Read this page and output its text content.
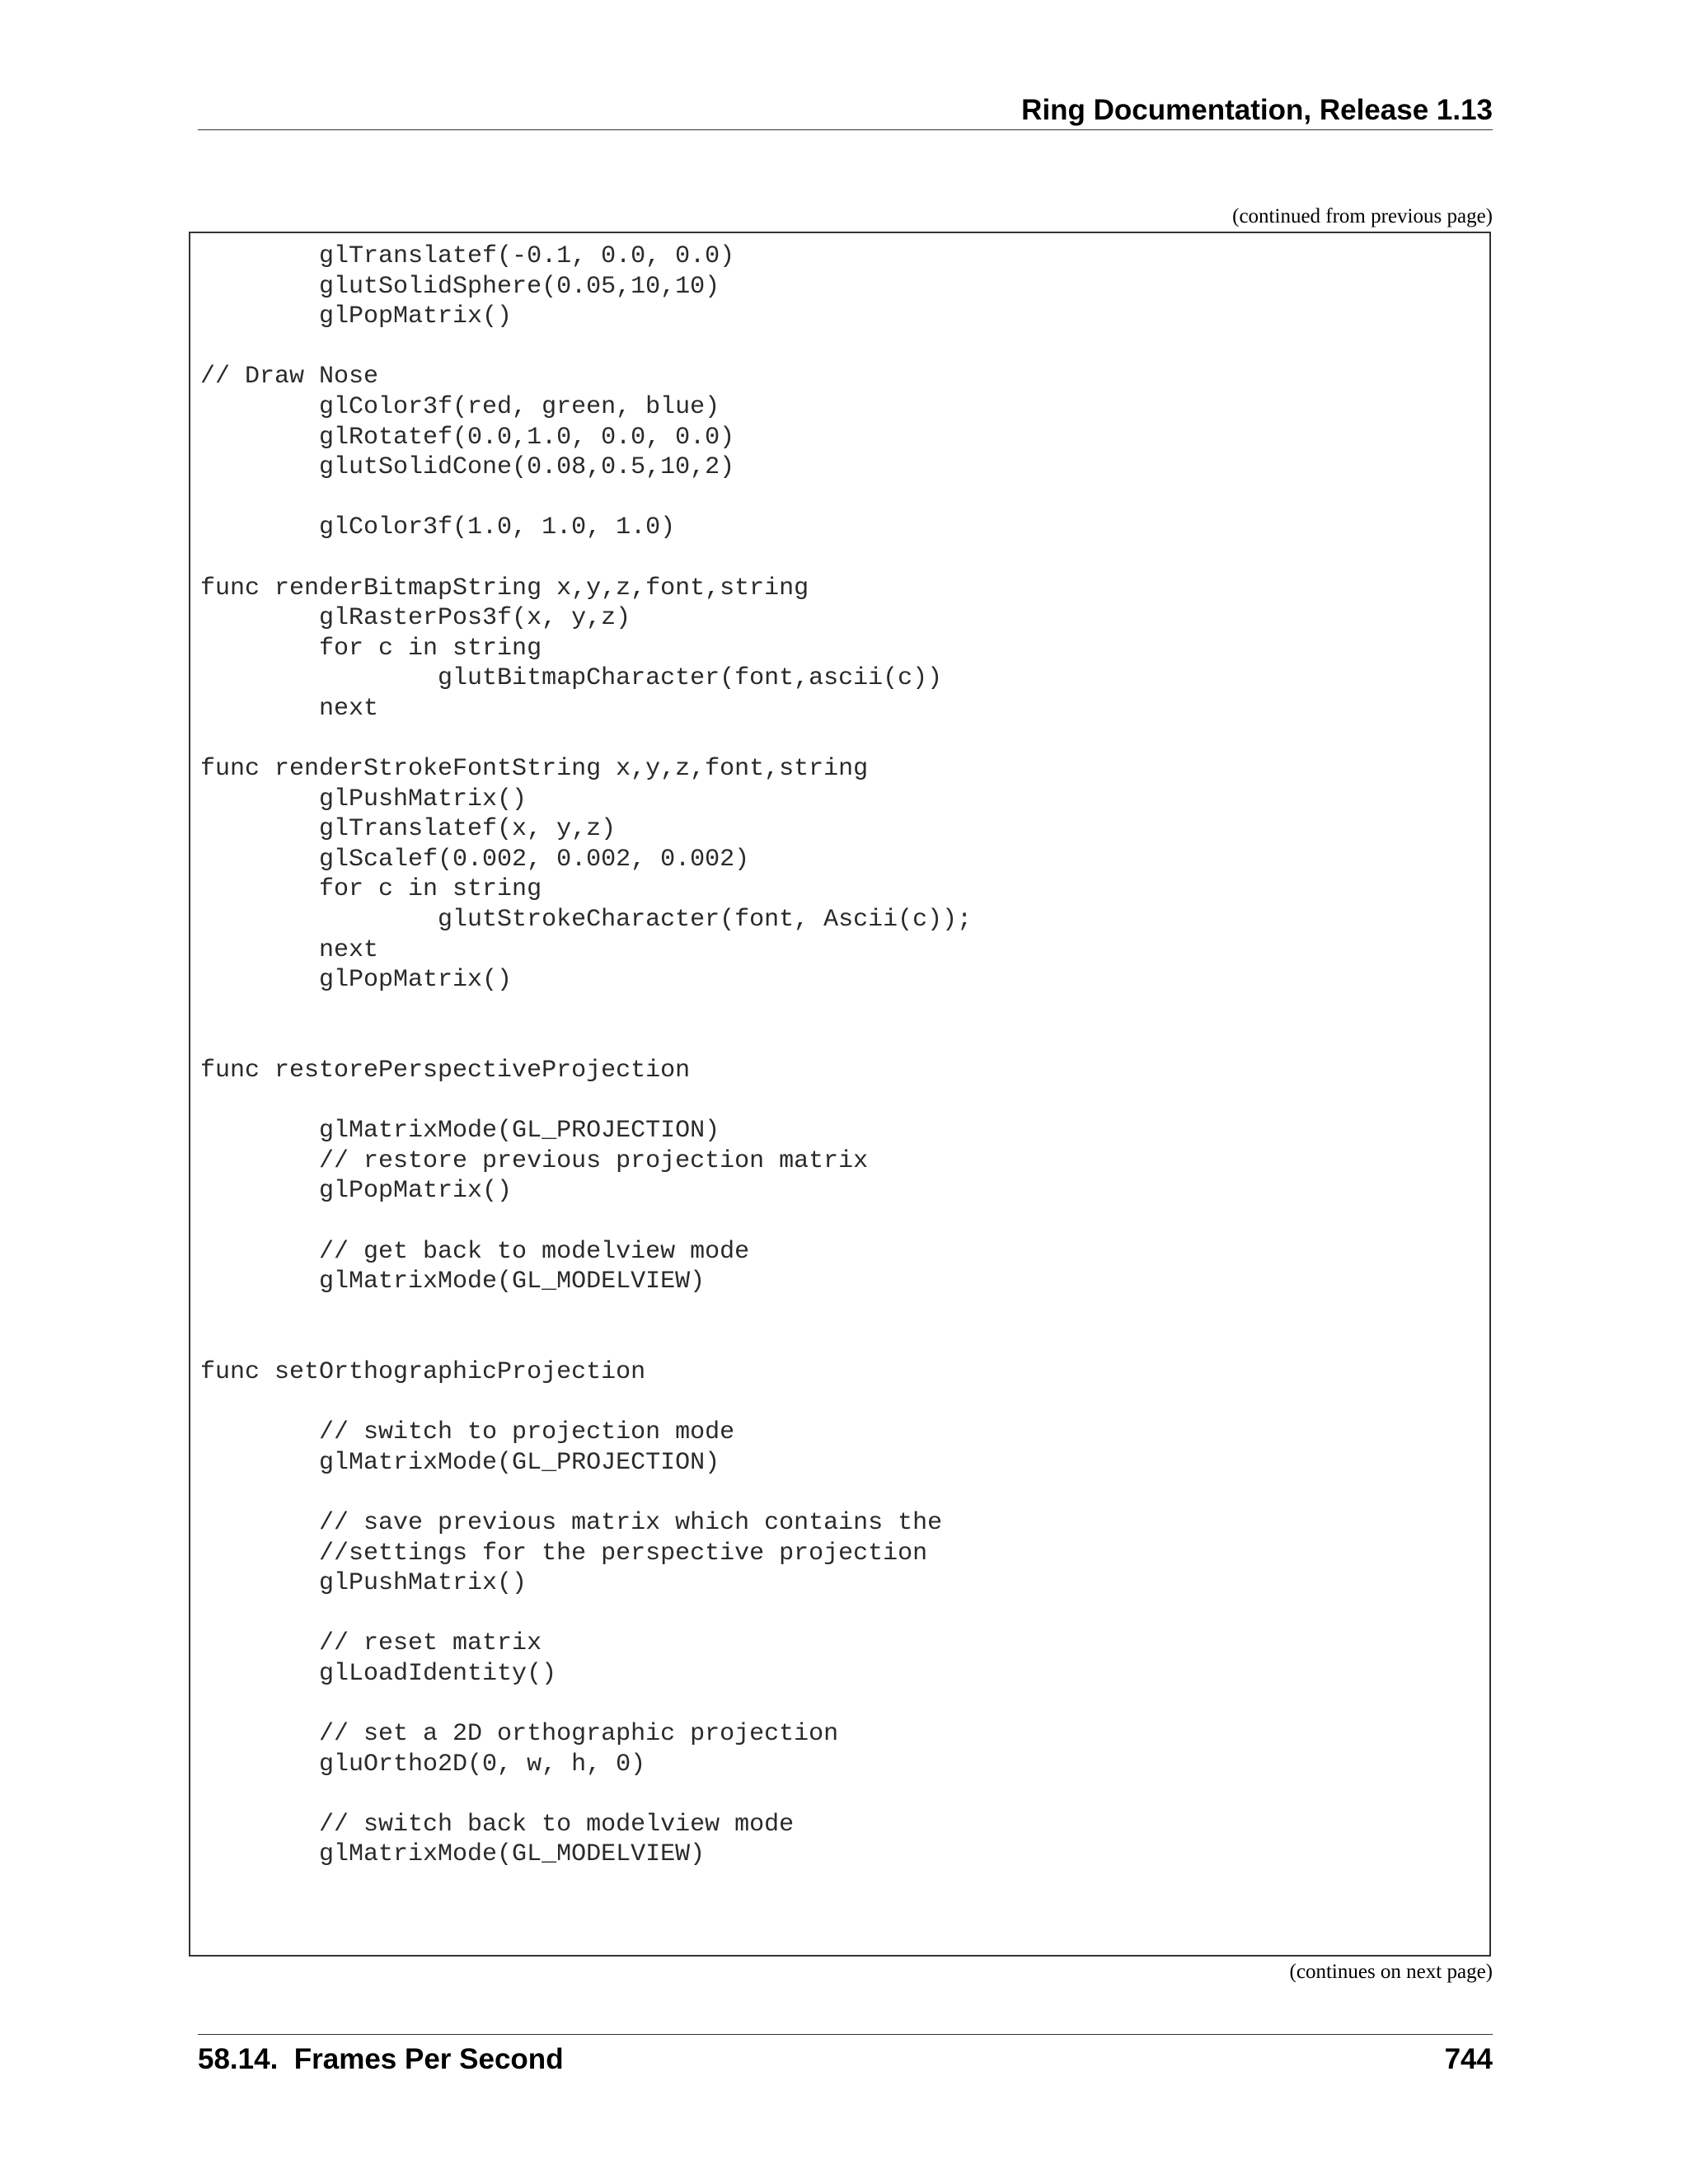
Ring Documentation, Release 1.13
(continued from previous page)
glTranslatef(-0.1, 0.0, 0.0)
glutSolidSphere(0.05,10,10)
glPopMatrix()
// Draw Nose
glColor3f(red, green, blue)
glRotatef(0.0,1.0, 0.0, 0.0)
glutSolidCone(0.08,0.5,10,2)
glColor3f(1.0, 1.0, 1.0)
func renderBitmapString x,y,z,font,string
glRasterPos3f(x, y,z)
for c in string
glutBitmapCharacter(font,ascii(c))
next
func renderStrokeFontString x,y,z,font,string
glPushMatrix()
glTranslatef(x, y,z)
glScalef(0.002, 0.002, 0.002)
for c in string
glutStrokeCharacter(font, Ascii(c));
next
glPopMatrix()
func restorePerspectiveProjection
glMatrixMode(GL_PROJECTION)
// restore previous projection matrix
glPopMatrix()
// get back to modelview mode
glMatrixMode(GL_MODELVIEW)
func setOrthographicProjection
// switch to projection mode
glMatrixMode(GL_PROJECTION)
// save previous matrix which contains the
//settings for the perspective projection
glPushMatrix()
// reset matrix
glLoadIdentity()
// set a 2D orthographic projection
gluOrtho2D(0, w, h, 0)
// switch back to modelview mode
glMatrixMode(GL_MODELVIEW)
(continues on next page)
58.14.  Frames Per Second	744
